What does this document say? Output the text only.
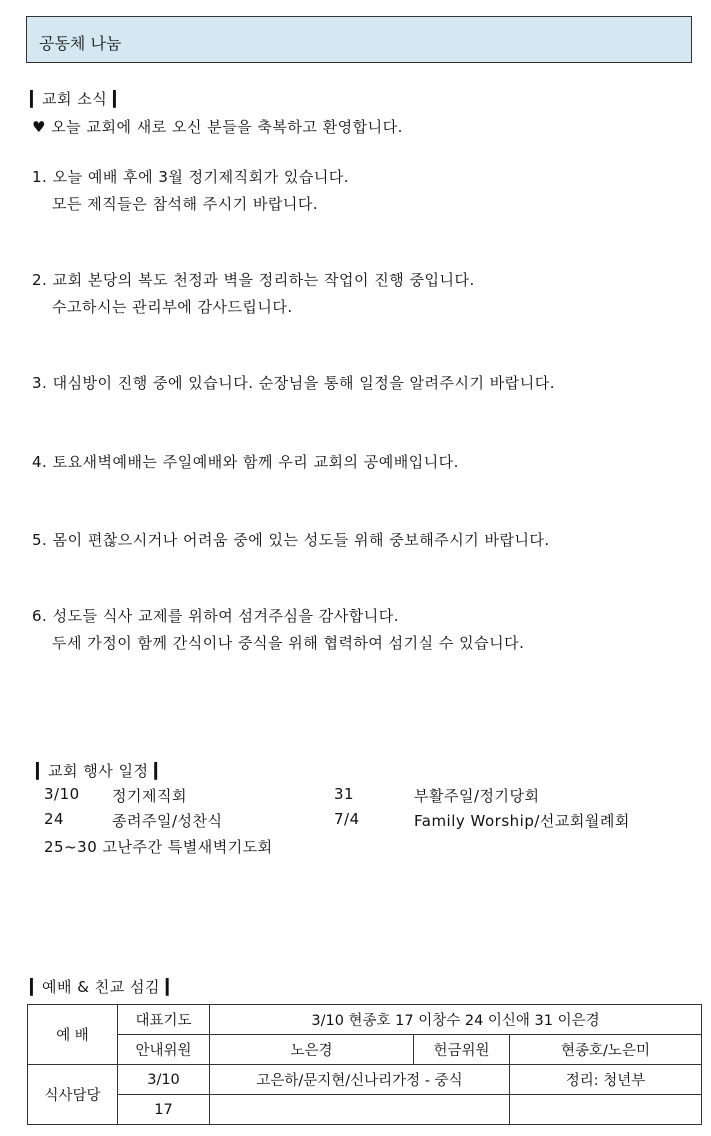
공동체 나눔
▎교회 소식 ▎
♥ 오늘 교회에 새로 오신 분들을 축복하고 환영합니다.
1. 오늘 예배 후에 3월 정기제직회가 있습니다.
모든 제직들은 참석해 주시기 바랍니다.
2. 교회 본당의 복도 천정과 벽을 정리하는 작업이 진행 중입니다.
수고하시는 관리부에 감사드립니다.
3. 대심방이 진행 중에 있습니다. 순장님을 통해 일정을 알려주시기 바랍니다.
4. 토요새벽예배는 주일예배와 함께 우리 교회의 공예배입니다.
5. 몸이 편찮으시거나 어려움 중에 있는 성도들 위해 중보해주시기 바랍니다.
6. 성도들 식사 교제를 위하여 섬겨주심을 감사합니다.
두세 가정이 함께 간식이나 중식을 위해 협력하여 섬기실 수 있습니다.
▎교회 행사 일정 ▎
3/10 정기제직회	31	부활주일/정기당회
24	종려주일/성찬식	7/4	Family Worship/선교회월례회
25~30 고난주간 특별새벽기도회
▎예배 & 친교 섬김 ▎
예 배	대표기도	3/10 현종호 17 이창수 24 이신애 31 이은경		
	안내위원	노은경	헌금위원	현종호/노은미
식사담당	3/10	고은하/문지현/신나리가정 - 중식		정리: 청년부
	17			
